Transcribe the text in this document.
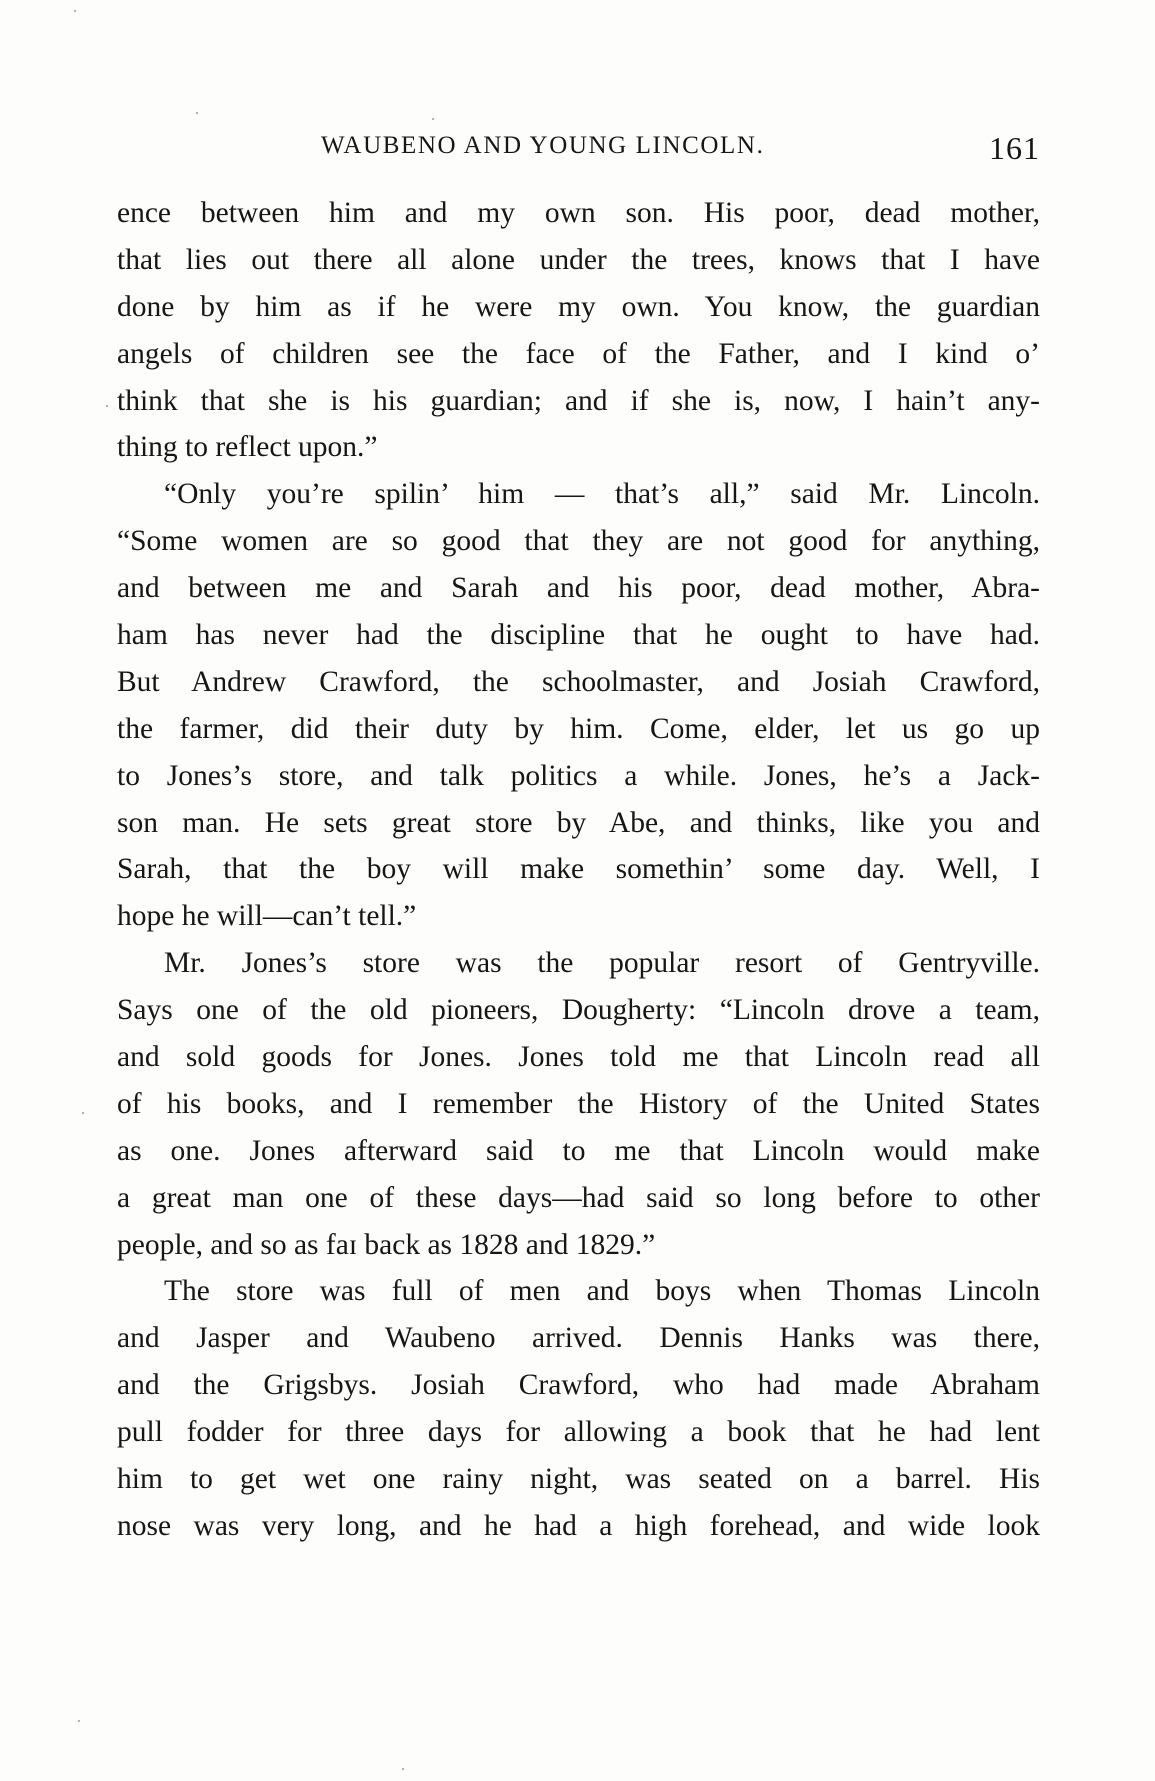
WAUBENO AND YOUNG LINCOLN.	161
ence between him and my own son. His poor, dead mother,
that lies out there all alone under the trees, knows that I have
done by him as if he were my own. You know, the guardian
angels of children see the face of the Father, and I kind o’
think that she is his guardian; and if she is, now, I hain’t any-
thing to reflect upon.”
“Only you’re spilin’ him — that’s all,” said Mr. Lincoln.
“Some women are so good that they are not good for anything,
and between me and Sarah and his poor, dead mother, Abra-
ham has never had the discipline that he ought to have had.
But Andrew Crawford, the schoolmaster, and Josiah Crawford,
the farmer, did their duty by him. Come, elder, let us go up
to Jones’s store, and talk politics a while. Jones, he’s a Jack-
son man. He sets great store by Abe, and thinks, like you and
Sarah, that the boy will make somethin’ some day. Well, I
hope he will—can’t tell.”
Mr. Jones’s store was the popular resort of Gentryville.
Says one of the old pioneers, Dougherty: “Lincoln drove a team,
and sold goods for Jones. Jones told me that Lincoln read all
of his books, and I remember the History of the United States
as one. Jones afterward said to me that Lincoln would make
a great man one of these days—had said so long before to other
people, and so as faɪ back as 1828 and 1829.”
The store was full of men and boys when Thomas Lincoln
and Jasper and Waubeno arrived. Dennis Hanks was there,
and the Grigsbys. Josiah Crawford, who had made Abraham
pull fodder for three days for allowing a book that he had lent
him to get wet one rainy night, was seated on a barrel. His
nose was very long, and he had a high forehead, and wide look
